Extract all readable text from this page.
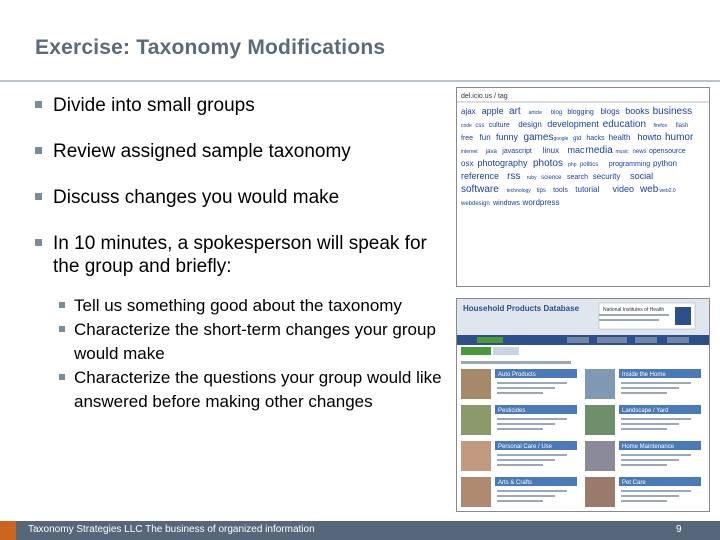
Exercise: Taxonomy Modifications
Divide into small groups
Review assigned sample taxonomy
Discuss changes you would make
In 10 minutes, a spokesperson will speak for the group and briefly:
Tell us something good about the taxonomy
Characterize the short-term changes your group would make
Characterize the questions your group would like answered before making other changes
del.icio.us / tag
ajax apple art article blog blogging blogs books business
code css culture design development education firefox flash
free fun funny games google gtd hacks health howto humor
internet java javascript linux mac media music news opensource
osx photography photos php politics programming python
reference rss ruby science search security social
software technology tips tools tutorial video web web2.0
webdesign windows wordpress
Household Products Database	National Institutes of Health
Auto Products	Inside the Home
Pesticides	Landscape / Yard
Personal Care / Use	Home Maintenance
Arts & Crafts	Pet Care
Taxonomy Strategies LLC The business of organized information	9
